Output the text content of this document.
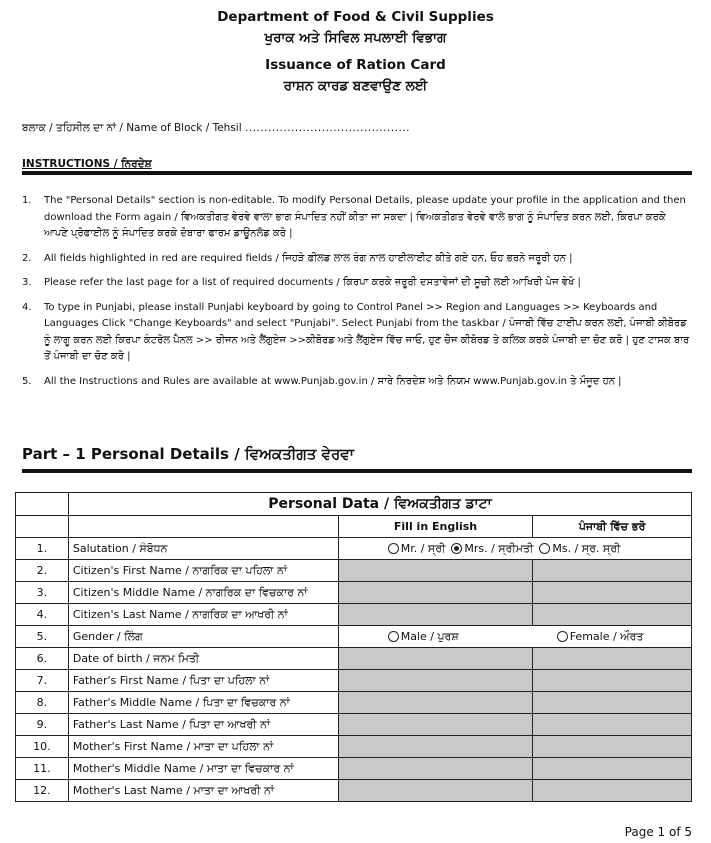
Department of Food & Civil Supplies
ਖੁਰਾਕ ਅਤੇ ਸਿਵਿਲ ਸਪਲਾਈ ਵਿਭਾਗ
Issuance of Ration Card
ਰਾਸ਼ਨ ਕਾਰਡ ਬਣਵਾਉਣ ਲਈ
ਬਲਾਕ / ਤਹਿਸੀਲ ਦਾ ਨਾਂ / Name of Block / Tehsil ...........................................
INSTRUCTIONS / ਨਿਰਦੇਸ਼
1. The "Personal Details" section is non-editable. To modify Personal Details, please update your profile in the application and then download the Form again / ਵਿਅਕਤੀਗਤ ਵੇਰਵੇ ਵਾਲਾ ਭਾਗ ਸੰਪਾਦਿਤ ਨਹੀਂ ਕੀਤਾ ਜਾ ਸਕਦਾ | ਵਿਅਕਤੀਗਤ ਵੇਰਵੇ ਵਾਲੇ ਭਾਗ ਨੂੰ ਸੰਪਾਦਿਤ ਕਰਨ ਲਈ, ਕਿਰਪਾ ਕਰਕੇ ਆਪਣੇ ਪ੍ਰੋਫਾਈਲ ਨੂੰ ਸੰਪਾਦਿਤ ਕਰਕੇ ਦੋਬਾਰਾ ਫਾਰਮ ਡਾਊਨਲੋਡ ਕਰੋ |
2. All fields highlighted in red are required fields / ਜਿਹੜੇ ਫ਼ੀਲਡ ਲਾਲ ਰੰਗ ਨਾਲ ਹਾਈਲਾਈਟ ਕੀਤੇ ਗਏ ਹਨ, ਓਹ ਭਰਨੇ ਜਰੂਰੀ ਹਨ |
3. Please refer the last page for a list of required documents / ਕਿਰਪਾ ਕਰਕੇ ਜ਼ਰੂਰੀ ਦਸਤਾਵੇਜਾਂ ਦੀ ਸੂਚੀ ਲਈ ਆਖਿਰੀ ਪੇਜ ਵੇਖੋ |
4. To type in Punjabi, please install Punjabi keyboard by going to Control Panel >> Region and Languages >> Keyboards and Languages Click "Change Keyboards" and select "Punjabi". Select Punjabi from the taskbar / ਪੰਜਾਬੀ ਵਿੱਚ ਟਾਈਪ ਕਰਨ ਲਈ, ਪੰਜਾਬੀ ਕੀਬੋਰਡ ਨੂੰ ਲਾਗੂ ਕਰਨ ਲਈ ਕਿਰਪਾ ਕੰਟਰੋਲ ਪੈਨਲ >> ਰੀਜਨ ਅਤੇ ਲੈਂਗੁਏਜ >>ਕੀਬੋਰਡ ਅਤੇ ਲੈਂਗੁਏਜ ਵਿੱਚ ਜਾਓ, ਹੁਣ ਚੇੰਜ ਕੀਬੋਰਡ ਤੇ ਕਲਿਕ ਕਰਕੇ ਪੰਜਾਬੀ ਦਾ ਚੋਣ ਕਰੋ | ਹੁਣ ਟਾਸਕ ਬਾਰ ਤੋਂ ਪੰਜਾਬੀ ਦਾ ਚੋਣ ਕਰੋ |
5. All the Instructions and Rules are available at www.Punjab.gov.in / ਸਾਰੇ ਨਿਰਦੇਸ਼ ਅਤੇ ਨਿਯਮ www.Punjab.gov.in ਤੇ ਮੌਜੂਦ ਹਨ |
Part – 1 Personal Details / ਵਿਅਕਤੀਗਤ ਵੇਰਵਾ
	Personal Data / ਵਿਅਕਤੀਗਤ ਡਾਟਾ		
		Fill in English	ਪੰਜਾਬੀ ਵਿੱਚ ਭਰੋ
1.	Salutation / ਸੰਬੋਧਨ	Mr. / ਸ੍ਰੀ Mrs. / ਸ੍ਰੀਮਤੀ Ms. / ਸ੍ਰ. ਸ੍ਰੀ	
2.	Citizen's First Name / ਨਾਗਰਿਕ ਦਾ ਪਹਿਲਾ ਨਾਂ		
3.	Citizen's Middle Name / ਨਾਗਰਿਕ ਦਾ ਵਿਚਕਾਰ ਨਾਂ		
4.	Citizen's Last Name / ਨਾਗਰਿਕ ਦਾ ਆਖਰੀ ਨਾਂ		
5.	Gender / ਲਿੰਗ	Male / ਪੁਰਸ਼ Female / ਔਰਤ	
6.	Date of birth / ਜਨਮ ਮਿਤੀ		
7.	Father's First Name / ਪਿਤਾ ਦਾ ਪਹਿਲਾ ਨਾਂ		
8.	Father's Middle Name / ਪਿਤਾ ਦਾ ਵਿਚਕਾਰ ਨਾਂ		
9.	Father's Last Name / ਪਿਤਾ ਦਾ ਆਖਰੀ ਨਾਂ		
10.	Mother's First Name / ਮਾਤਾ ਦਾ ਪਹਿਲਾ ਨਾਂ		
11.	Mother's Middle Name / ਮਾਤਾ ਦਾ ਵਿਚਕਾਰ ਨਾਂ		
12.	Mother's Last Name / ਮਾਤਾ ਦਾ ਆਖਰੀ ਨਾਂ		
Page 1 of 5
